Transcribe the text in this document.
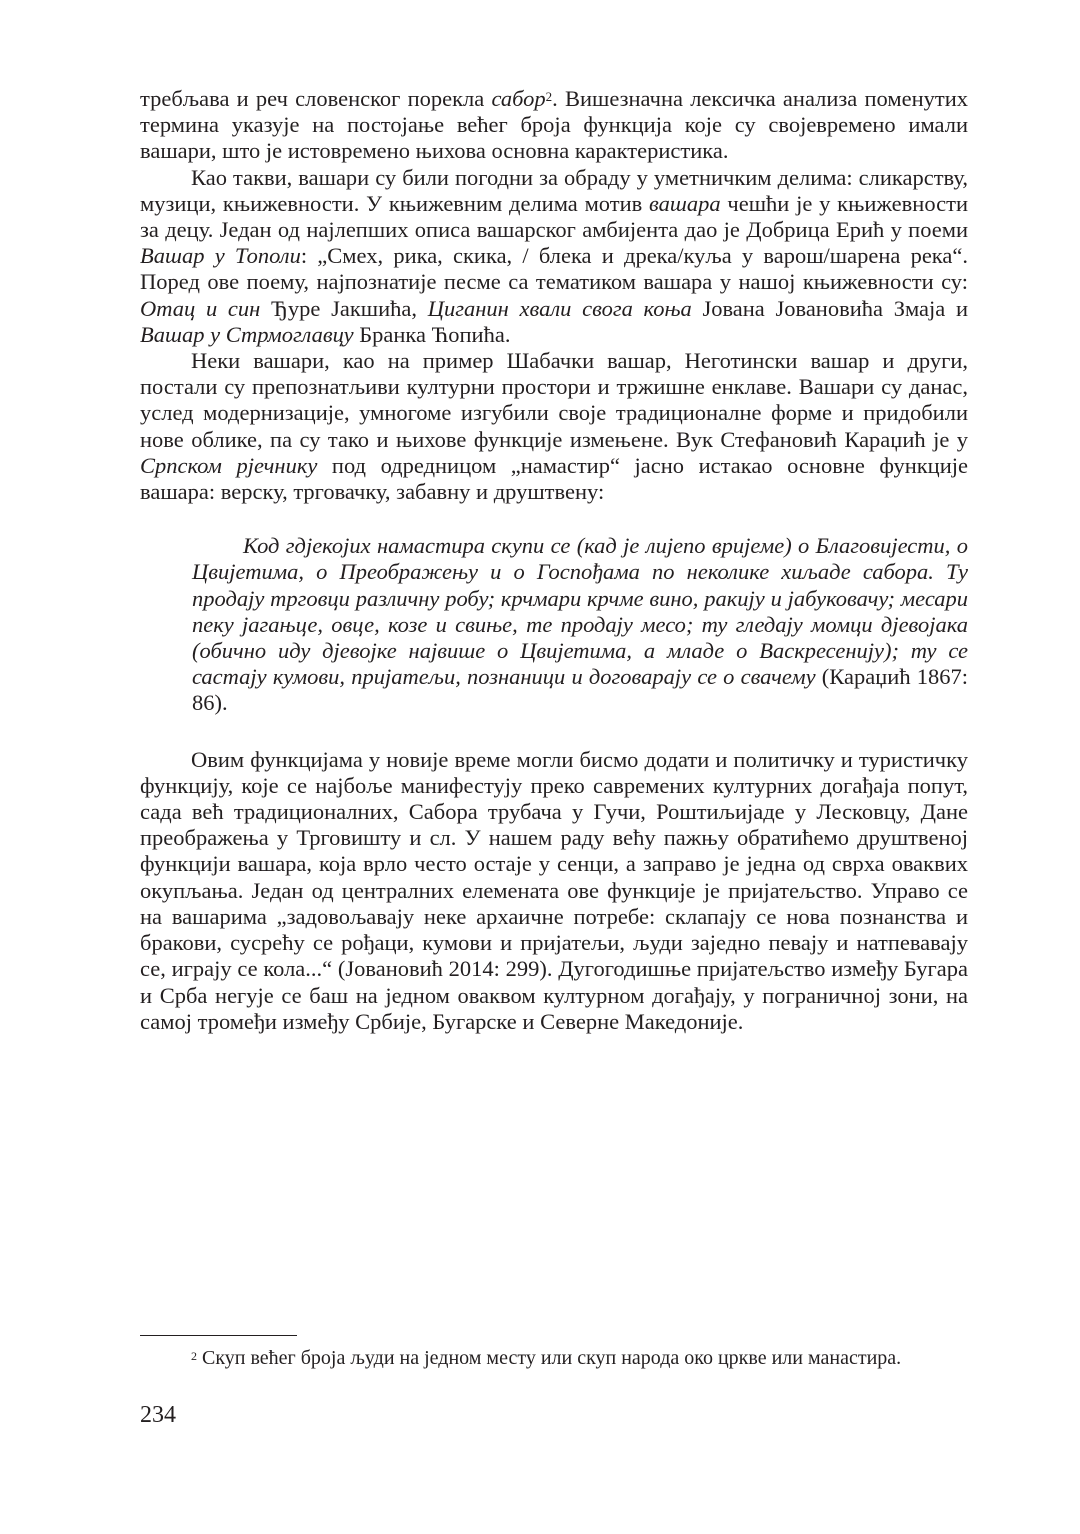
требљава и реч словенског порекла сабор$^2$. Вишезначна лексичка анализа поменутих термина указује на постојање већег броја функција које су својевремено имали вашари, што је истовремено њихова основна карактеристика.

Као такви, вашари су били погодни за обраду у уметничким делима: сликарству, музици, књижевности. У књижевним делима мотив вашара чешћи је у књижевности за децу. Један од најлепших описа вашарског амбијента дао је Добрица Ерић у поеми Вашар у Тополи: „Смех, рика, скика, / блека и дрека/куља у варош/шарена река“. Поред ове поему, најпознатије песме са тематиком вашара у нашој књижевности су: Отац и син Ђуре Јакшића, Циганин хвали свога коња Јована Јовановића Змаја и Вашар у Стрмоглавцу Бранка Ћопића.

Неки вашари, као на пример Шабачки вашар, Неготински вашар и други, постали су препознатљиви културни простори и тржишне енклаве. Вашари су данас, услед модернизације, умногоме изгубили своје традиционалне форме и придобили нове облике, па су тако и њихове функције измењене. Вук Стефановић Караџић је у Српском рјечнику под одредницом „намастир“ јасно истакао основне функције вашара: верску, трговачку, забавну и друштвену:

Код гдјекојих намастира скупи се (кад је лијепо вријеме) о Благовијести, о Цвијетима, о Преображењу и о Госпођама по неколике хиљаде сабора. Ту продају трговци различну робу; крчмари крчме вино, ракију и јабуковачу; месари пеку јагањце, овце, козе и свиње, те продају месо; ту гледају момци дјевојака (обично иду дјевојке највише о Цвијетима, а младе о Васкресенију); ту се састају кумови, пријатељи, познаници и договарају се о свачему (Караџић 1867: 86).

Овим функцијама у новије време могли бисмо додати и политичку и туристичку функцију, које се најбоље манифестују преко савремених културних догађаја попут, сада већ традиционалних, Сабора трубача у Гучи, Роштиљијаде у Лесковцу, Дане преображења у Трговишту и сл. У нашем раду већу пажњу обратићемо друштвеној функцији вашара, која врло често остаје у сенци, а заправо је једна од сврха оваквих окупљања. Један од централних елемената ове функције је пријатељство. Управо се на вашарима „задовољавају неке архаичне потребе: склапају се нова познанства и бракови, сусрећу се рођаци, кумови и пријатељи, људи заједно певају и натпевавају се, играју се кола...“ (Јовановић 2014: 299). Дугогодишње пријатељство између Бугара и Срба негује се баш на једном оваквом културном догађају, у пограничној зони, на самој тромеђи између Србије, Бугарске и Северне Македоније.

$^2$ Скуп већег броја људи на једном месту или скуп народа око цркве или манастира.

234
